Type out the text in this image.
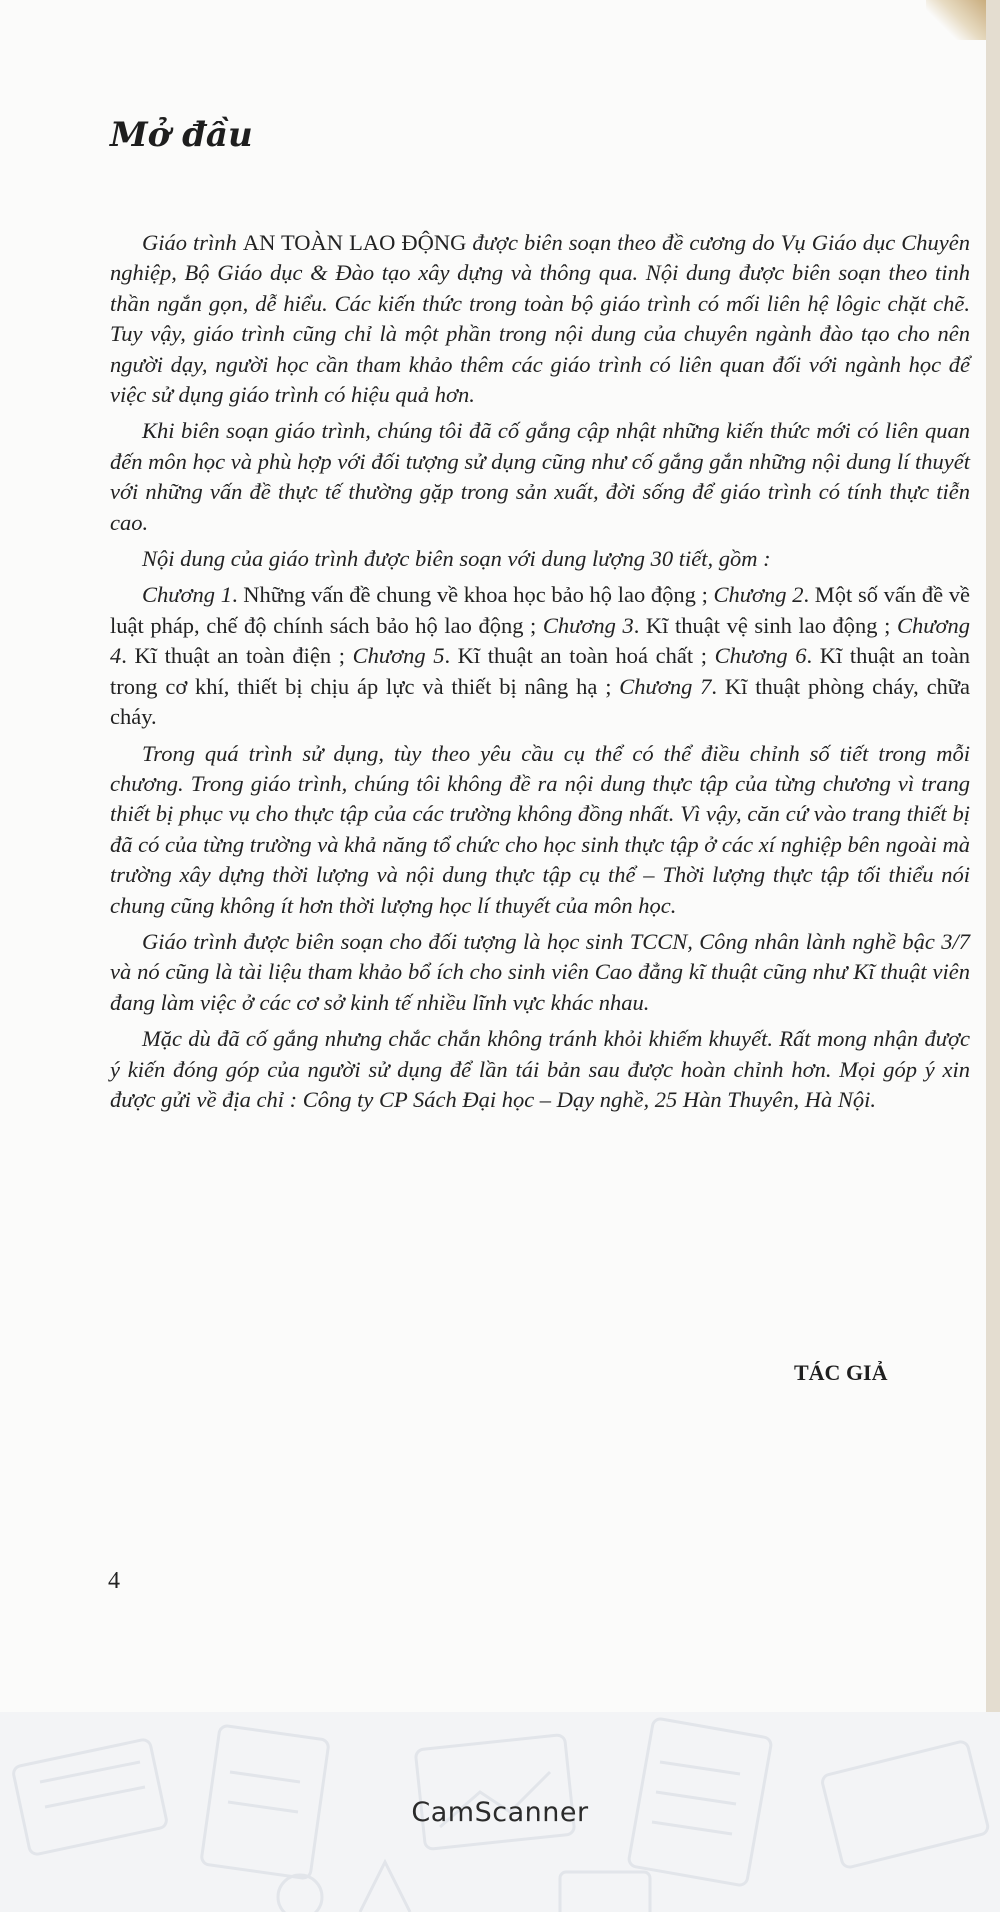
Mở đầu

Giáo trình AN TOÀN LAO ĐỘNG được biên soạn theo đề cương do Vụ Giáo dục Chuyên nghiệp, Bộ Giáo dục & Đào tạo xây dựng và thông qua. Nội dung được biên soạn theo tinh thần ngắn gọn, dễ hiểu. Các kiến thức trong toàn bộ giáo trình có mối liên hệ lôgic chặt chẽ. Tuy vậy, giáo trình cũng chỉ là một phần trong nội dung của chuyên ngành đào tạo cho nên người dạy, người học cần tham khảo thêm các giáo trình có liên quan đối với ngành học để việc sử dụng giáo trình có hiệu quả hơn.

Khi biên soạn giáo trình, chúng tôi đã cố gắng cập nhật những kiến thức mới có liên quan đến môn học và phù hợp với đối tượng sử dụng cũng như cố gắng gắn những nội dung lí thuyết với những vấn đề thực tế thường gặp trong sản xuất, đời sống để giáo trình có tính thực tiễn cao.

Nội dung của giáo trình được biên soạn với dung lượng 30 tiết, gồm :

Chương 1. Những vấn đề chung về khoa học bảo hộ lao động ; Chương 2. Một số vấn đề về luật pháp, chế độ chính sách bảo hộ lao động ; Chương 3. Kĩ thuật vệ sinh lao động ; Chương 4. Kĩ thuật an toàn điện ; Chương 5. Kĩ thuật an toàn hoá chất ; Chương 6. Kĩ thuật an toàn trong cơ khí, thiết bị chịu áp lực và thiết bị nâng hạ ; Chương 7. Kĩ thuật phòng cháy, chữa cháy.

Trong quá trình sử dụng, tùy theo yêu cầu cụ thể có thể điều chỉnh số tiết trong mỗi chương. Trong giáo trình, chúng tôi không đề ra nội dung thực tập của từng chương vì trang thiết bị phục vụ cho thực tập của các trường không đồng nhất. Vì vậy, căn cứ vào trang thiết bị đã có của từng trường và khả năng tổ chức cho học sinh thực tập ở các xí nghiệp bên ngoài mà trường xây dựng thời lượng và nội dung thực tập cụ thể – Thời lượng thực tập tối thiểu nói chung cũng không ít hơn thời lượng học lí thuyết của môn học.

Giáo trình được biên soạn cho đối tượng là học sinh TCCN, Công nhân lành nghề bậc 3/7 và nó cũng là tài liệu tham khảo bổ ích cho sinh viên Cao đẳng kĩ thuật cũng như Kĩ thuật viên đang làm việc ở các cơ sở kinh tế nhiều lĩnh vực khác nhau.

Mặc dù đã cố gắng nhưng chắc chắn không tránh khỏi khiếm khuyết. Rất mong nhận được ý kiến đóng góp của người sử dụng để lần tái bản sau được hoàn chỉnh hơn. Mọi góp ý xin được gửi về địa chỉ : Công ty CP Sách Đại học – Dạy nghề, 25 Hàn Thuyên, Hà Nội.

TÁC GIẢ
4
CamScanner
